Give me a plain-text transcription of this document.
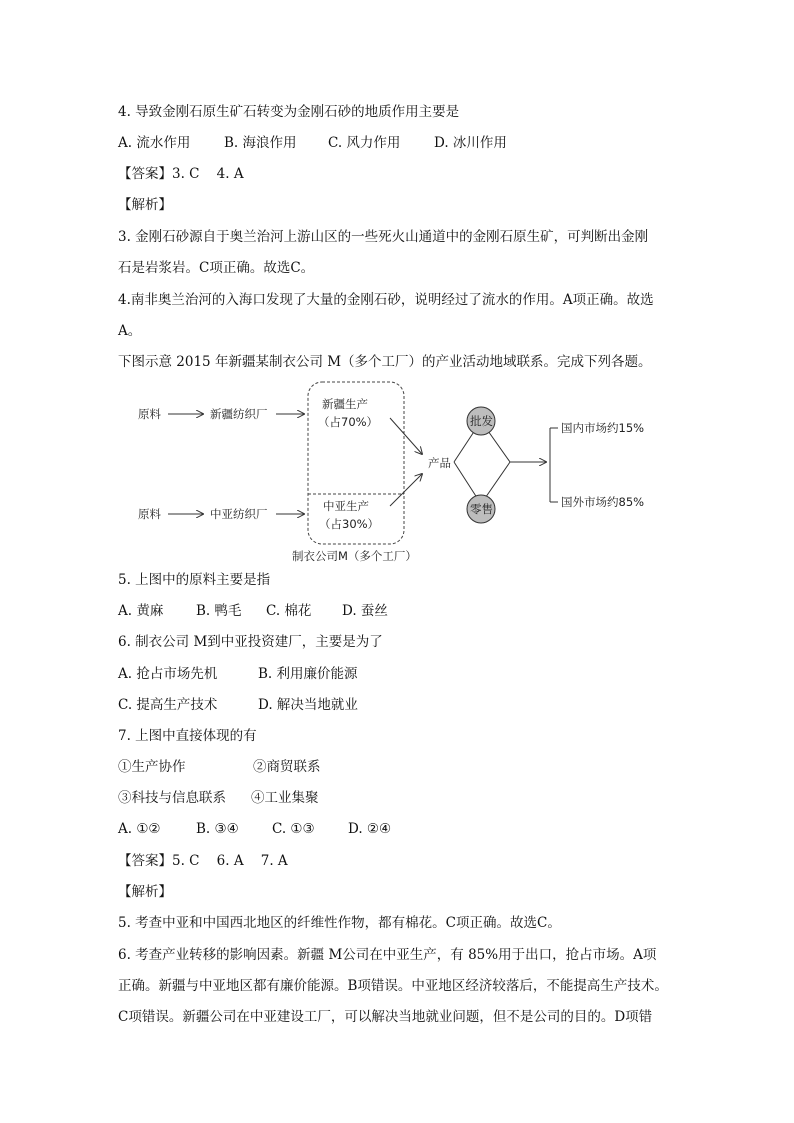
4. 导致金刚石原生矿石转变为金刚石砂的地质作用主要是
A. 流水作用 B. 海浪作用 C. 风力作用 D. 冰川作用
【答案】3. C    4. A
【解析】
3. 金刚石砂源自于奥兰治河上游山区的一些死火山通道中的金刚石原生矿，可判断出金刚
石是岩浆岩。C项正确。故选C。
4.南非奥兰治河的入海口发现了大量的金刚石砂，说明经过了流水的作用。A项正确。故选
A。
下图示意 2015 年新疆某制衣公司 M（多个工厂）的产业活动地域联系。完成下列各题。
原料	新疆纺织厂
原料	中亚纺织厂
新疆生产
（占70%）
中亚生产
（占30%）
制衣公司M（多个工厂）
产品
批发
零售
国内市场约15%
国外市场约85%
5. 上图中的原料主要是指
A. 黄麻 B. 鸭毛 C. 棉花 D. 蚕丝
6. 制衣公司 M到中亚投资建厂，主要是为了
A. 抢占市场先机	B. 利用廉价能源
C. 提高生产技术	D. 解决当地就业
7. 上图中直接体现的有
①生产协作	②商贸联系
③科技与信息联系 ④工业集聚
A. ①②	B. ③④ C. ①③ D. ②④
【答案】5. C    6. A    7. A
【解析】
5. 考查中亚和中国西北地区的纤维性作物，都有棉花。C项正确。故选C。
6. 考查产业转移的影响因素。新疆 M公司在中亚生产，有 85%用于出口，抢占市场。A项
正确。新疆与中亚地区都有廉价能源。B项错误。中亚地区经济较落后，不能提高生产技术。
C项错误。新疆公司在中亚建设工厂，可以解决当地就业问题，但不是公司的目的。D项错
